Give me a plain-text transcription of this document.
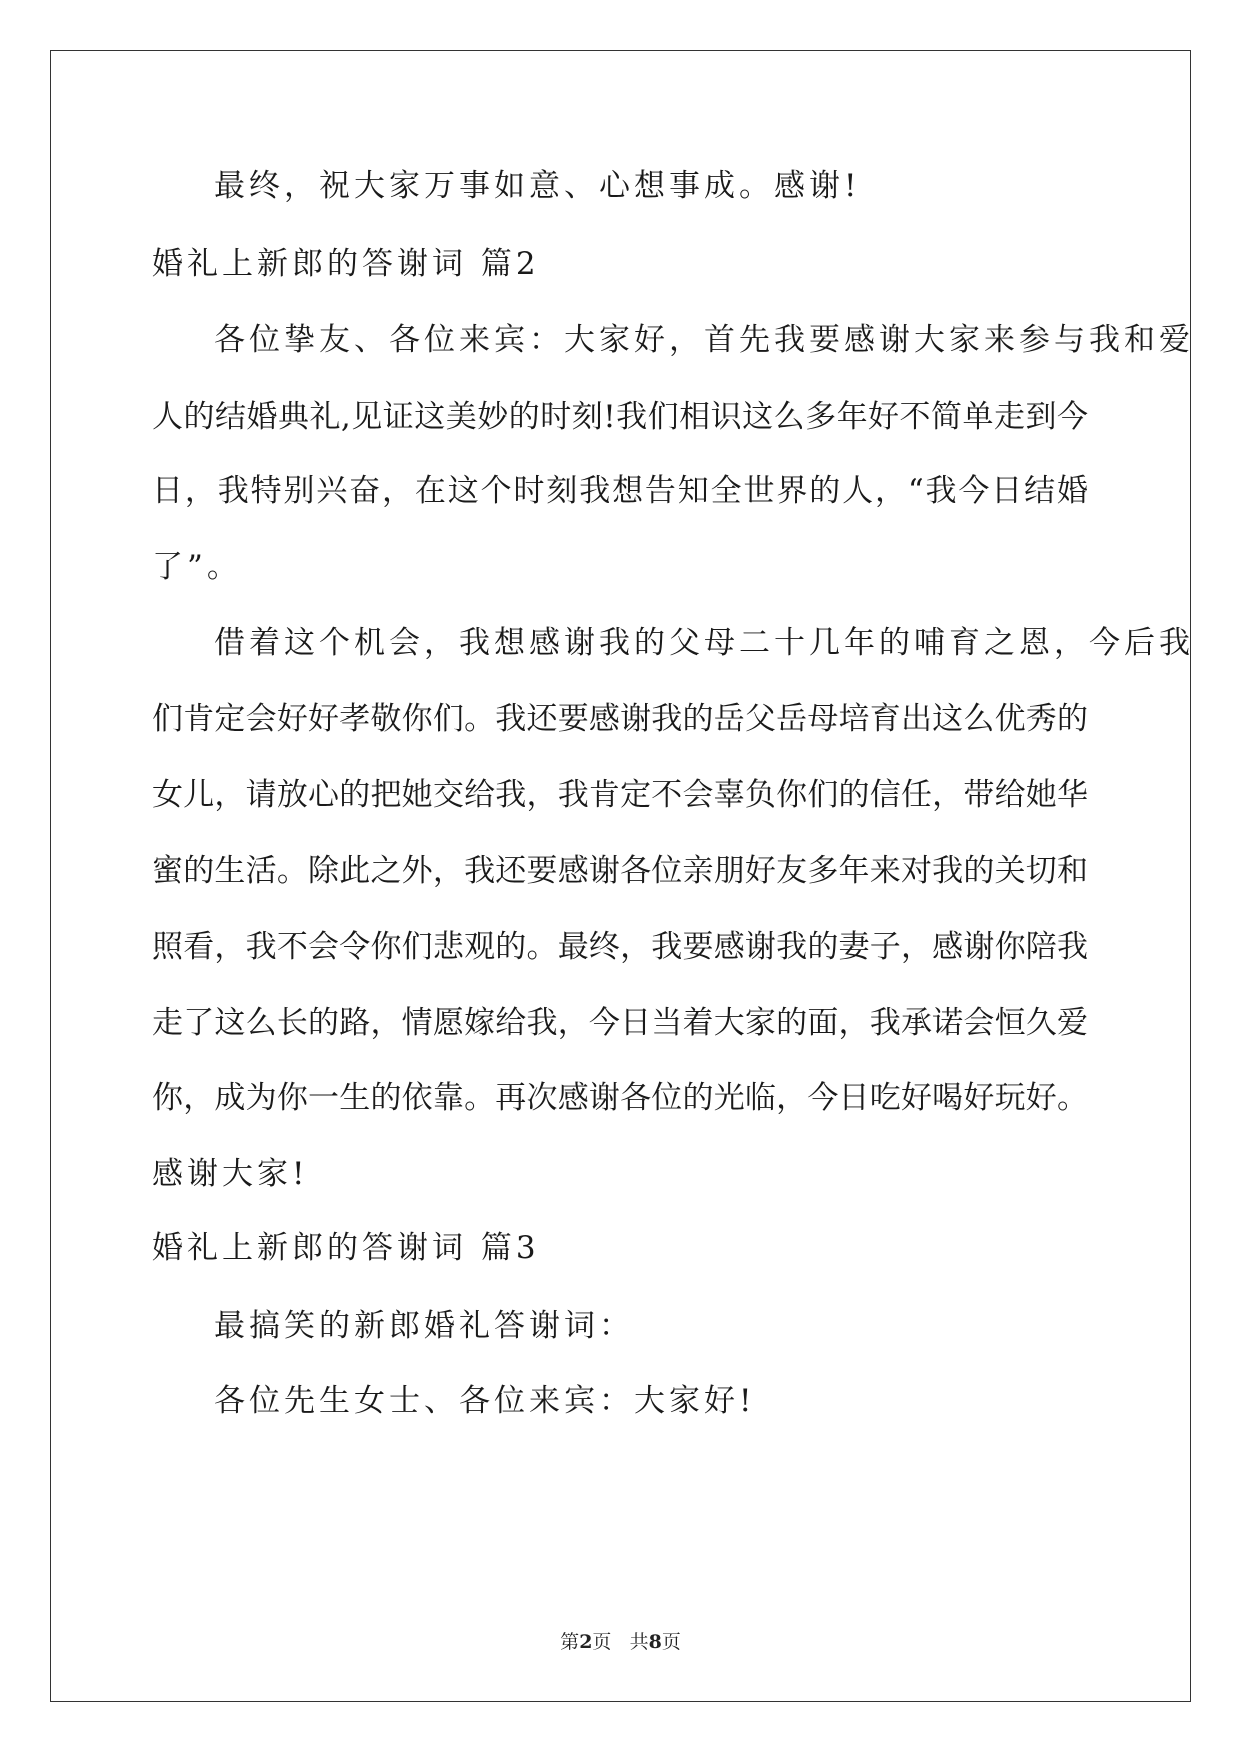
最终，祝大家万事如意、心想事成。感谢!
婚礼上新郎的答谢词 篇2
各位挚友、各位来宾：大家好，首先我要感谢大家来参与我和爱
人的结婚典礼,见证这美妙的时刻!我们相识这么多年好不简单走到今
日，我特别兴奋，在这个时刻我想告知全世界的人，“我今日结婚
了”。
借着这个机会，我想感谢我的父母二十几年的哺育之恩，今后我
们肯定会好好孝敬你们。我还要感谢我的岳父岳母培育出这么优秀的
女儿，请放心的把她交给我，我肯定不会辜负你们的信任，带给她华
蜜的生活。除此之外，我还要感谢各位亲朋好友多年来对我的关切和
照看，我不会令你们悲观的。最终，我要感谢我的妻子，感谢你陪我
走了这么长的路，情愿嫁给我，今日当着大家的面，我承诺会恒久爱
你，成为你一生的依靠。再次感谢各位的光临，今日吃好喝好玩好。
感谢大家!
婚礼上新郎的答谢词 篇3
最搞笑的新郎婚礼答谢词：
各位先生女士、各位来宾：大家好!
第2页 共8页
